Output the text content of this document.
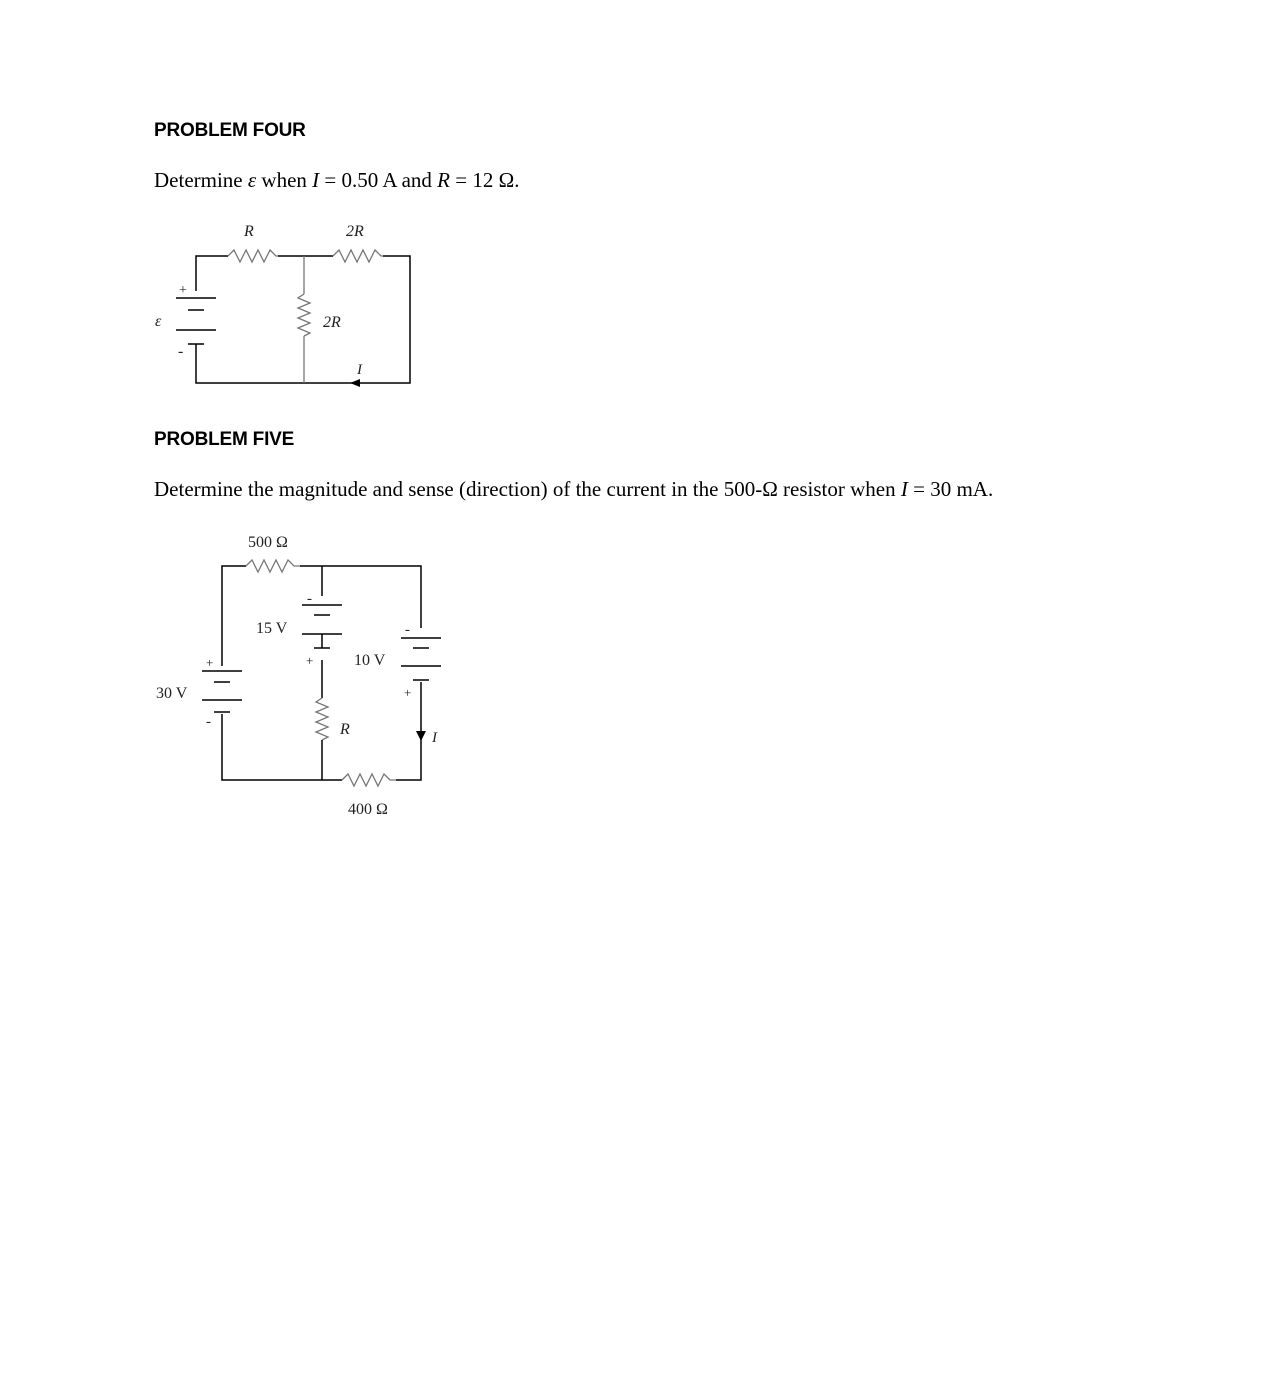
PROBLEM FOUR
Determine ε when I = 0.50 A and R = 12 Ω.
R	2R
2R
ε
+
-
I
PROBLEM FIVE
Determine the magnitude and sense (direction) of the current in the 500-Ω resistor when I = 30 mA.
500 Ω
15 V
10 V
30 V
R	I
400 Ω
+
-
+
-
+
-
